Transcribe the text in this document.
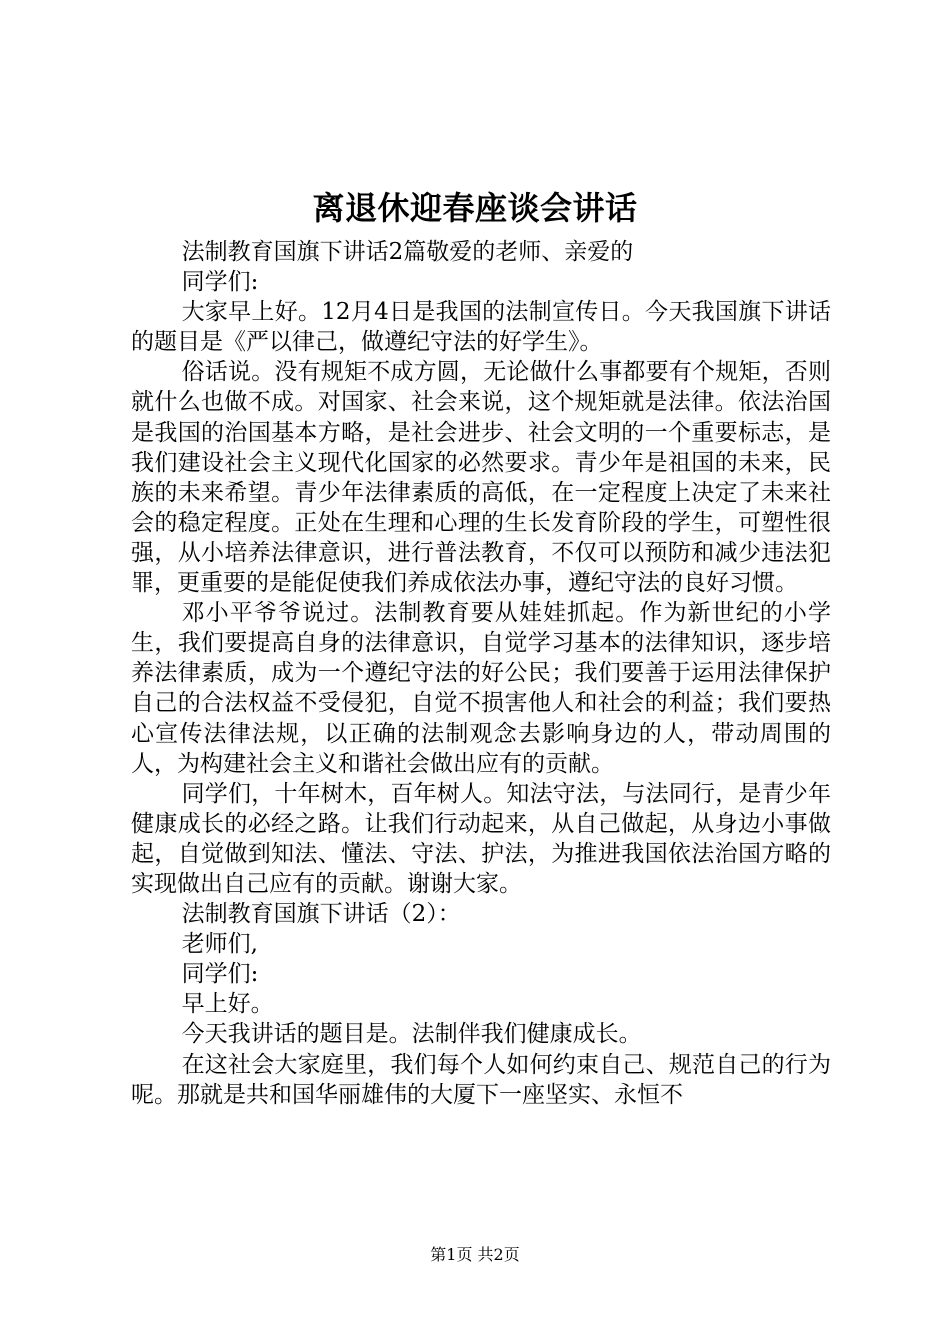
离退休迎春座谈会讲话

法制教育国旗下讲话2篇敬爱的老师、亲爱的

同学们:

大家早上好。12月4日是我国的法制宣传日。今天我国旗下讲话的题目是《严以律己，做遵纪守法的好学生》。

俗话说。没有规矩不成方圆，无论做什么事都要有个规矩，否则就什么也做不成。对国家、社会来说，这个规矩就是法律。依法治国是我国的治国基本方略，是社会进步、社会文明的一个重要标志，是我们建设社会主义现代化国家的必然要求。青少年是祖国的未来，民族的未来希望。青少年法律素质的高低，在一定程度上决定了未来社会的稳定程度。正处在生理和心理的生长发育阶段的学生，可塑性很强，从小培养法律意识，进行普法教育，不仅可以预防和减少违法犯罪，更重要的是能促使我们养成依法办事，遵纪守法的良好习惯。

邓小平爷爷说过。法制教育要从娃娃抓起。作为新世纪的小学生，我们要提高自身的法律意识，自觉学习基本的法律知识，逐步培养法律素质，成为一个遵纪守法的好公民；我们要善于运用法律保护自己的合法权益不受侵犯，自觉不损害他人和社会的利益；我们要热心宣传法律法规，以正确的法制观念去影响身边的人，带动周围的人，为构建社会主义和谐社会做出应有的贡献。

同学们，十年树木，百年树人。知法守法，与法同行，是青少年健康成长的必经之路。让我们行动起来，从自己做起，从身边小事做起，自觉做到知法、懂法、守法、护法，为推进我国依法治国方略的实现做出自己应有的贡献。谢谢大家。

法制教育国旗下讲话（2）：

老师们,

同学们:

早上好。

今天我讲话的题目是。法制伴我们健康成长。

在这社会大家庭里，我们每个人如何约束自己、规范自己的行为呢。那就是共和国华丽雄伟的大厦下一座坚实、永恒不

第1页 共2页
